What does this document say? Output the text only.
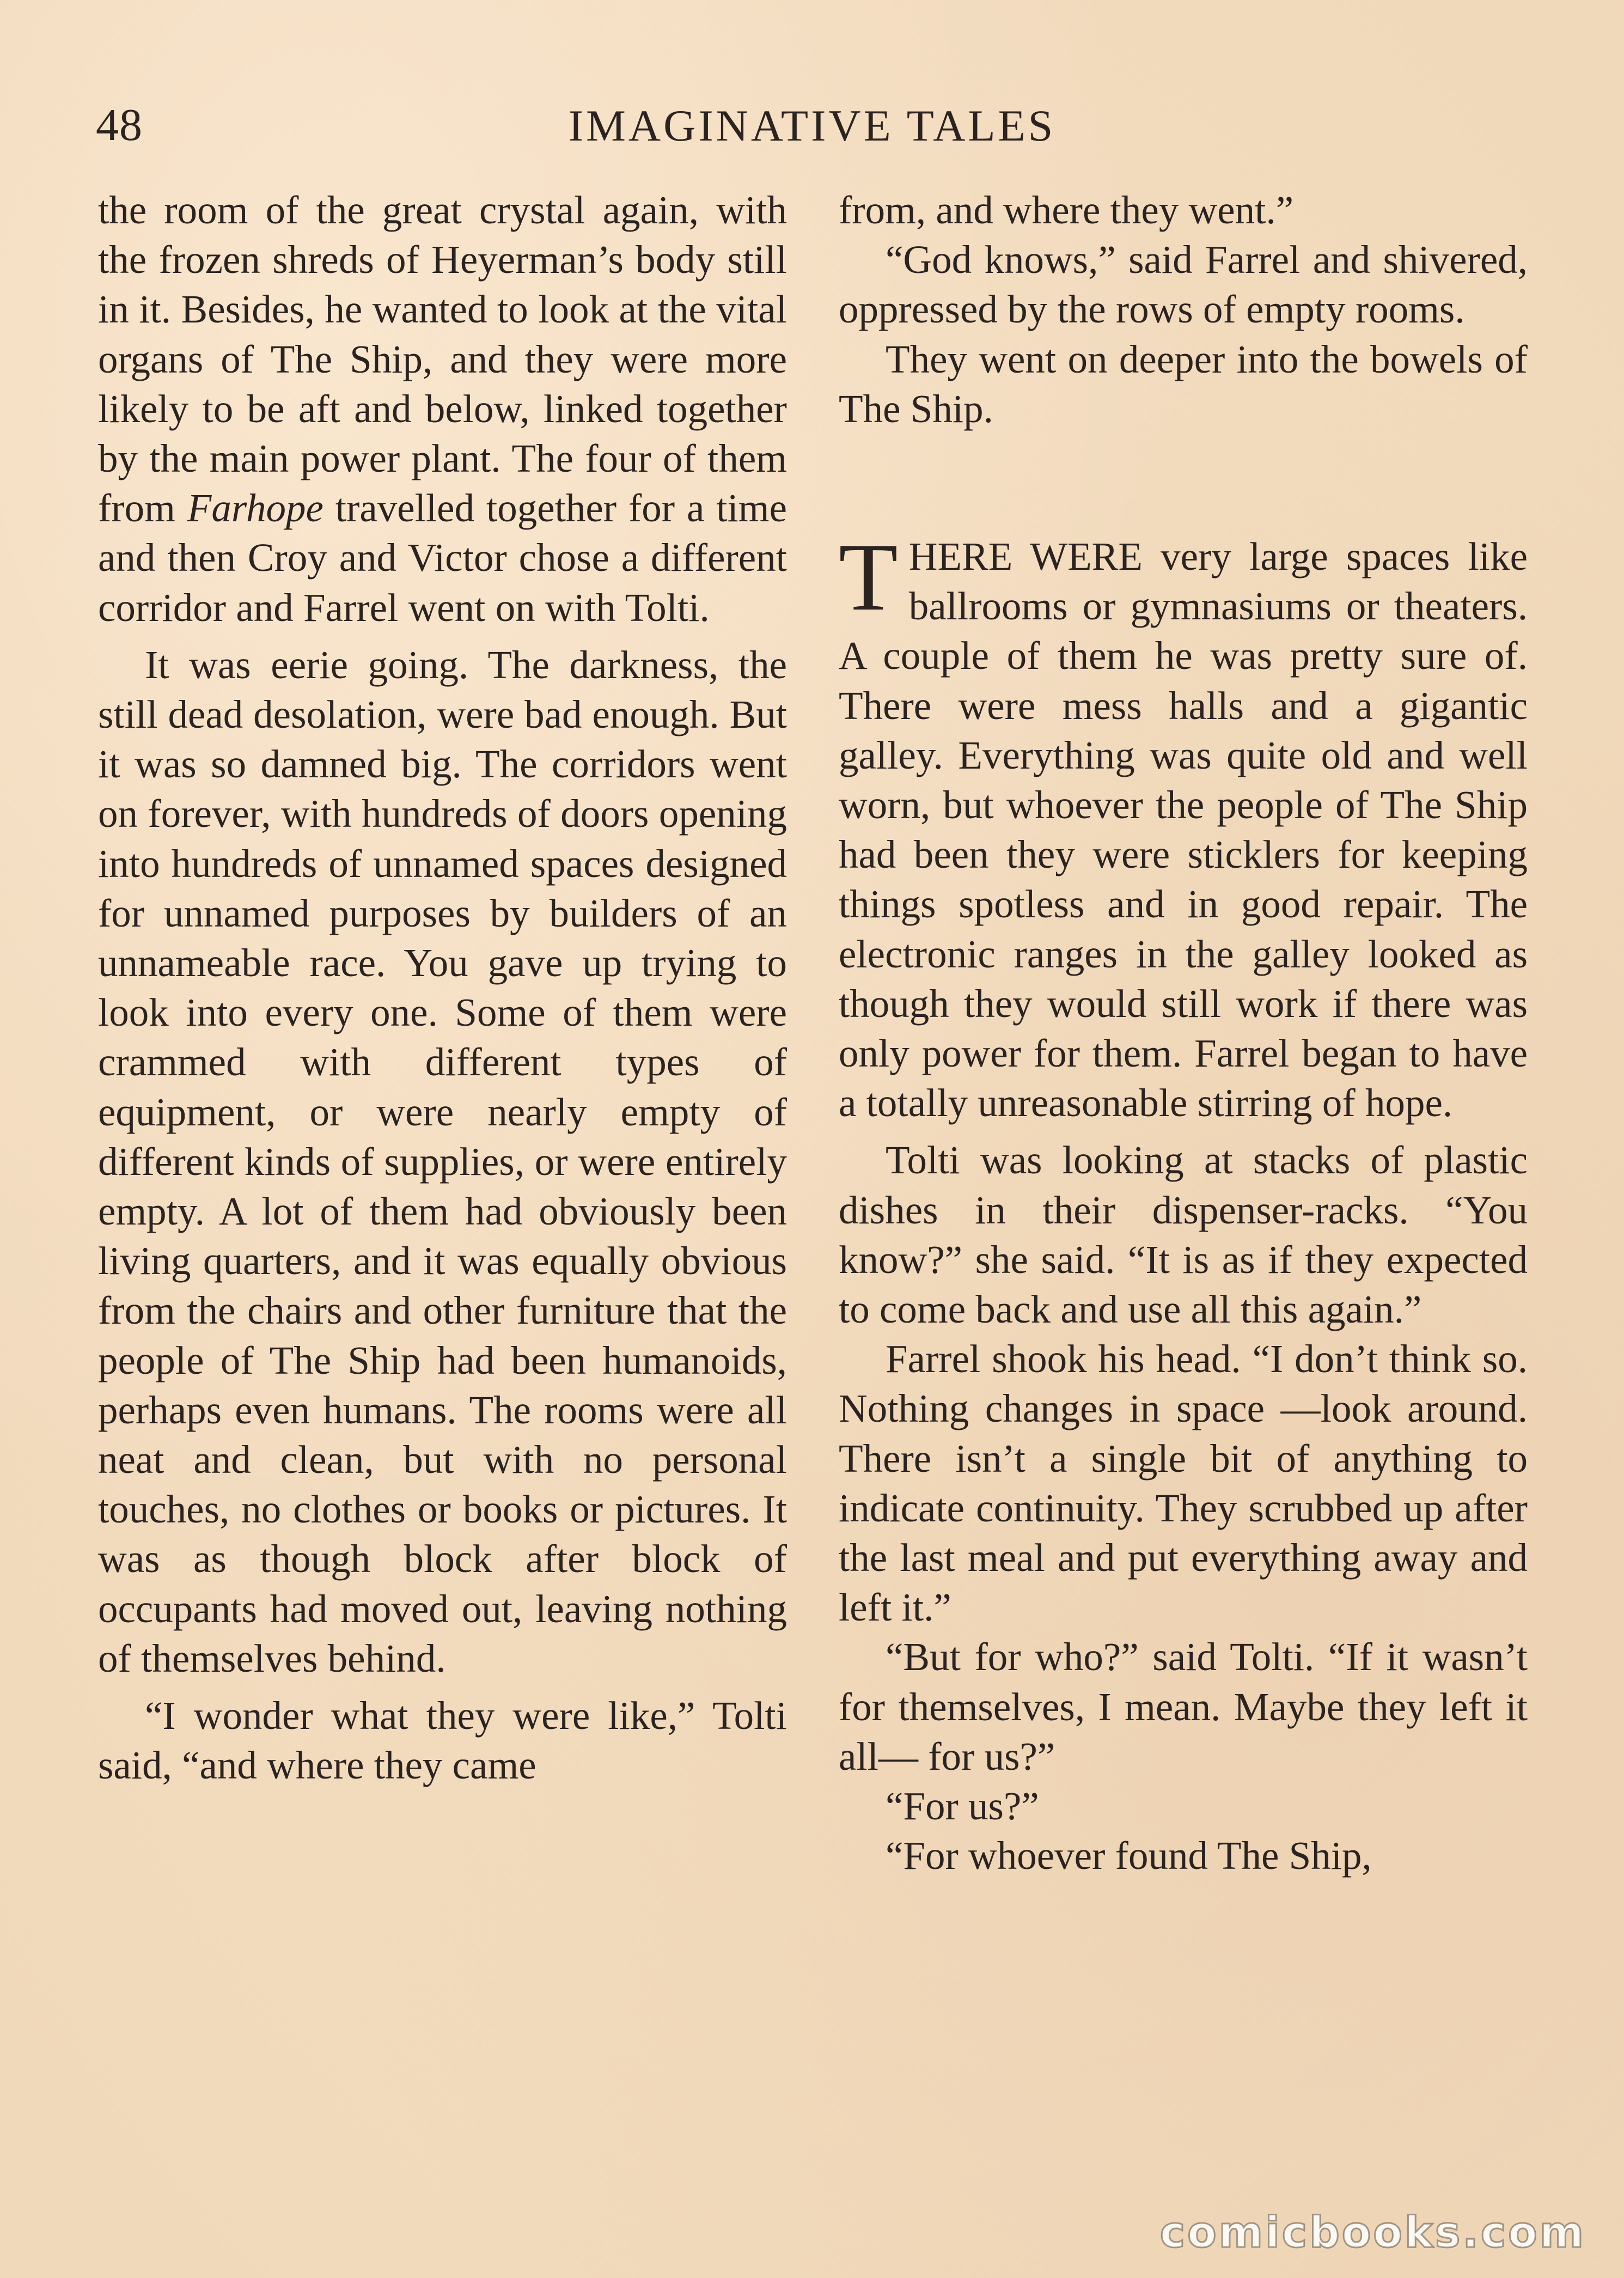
48	IMAGINATIVE TALES

the room of the great crystal again, with the frozen shreds of Heyerman’s body still in it. Besides, he wanted to look at the vital organs of The Ship, and they were more likely to be aft and below, linked together by the main power plant. The four of them from Farhope travelled together for a time and then Croy and Victor chose a different corridor and Farrel went on with Tolti.

It was eerie going. The darkness, the still dead desolation, were bad enough. But it was so damned big. The corridors went on forever, with hundreds of doors opening into hundreds of unnamed spaces designed for unnamed purposes by builders of an unnameable race. You gave up trying to look into every one. Some of them were crammed with different types of equipment, or were nearly empty of different kinds of supplies, or were entirely empty. A lot of them had obviously been living quarters, and it was equally obvious from the chairs and other furniture that the people of The Ship had been humanoids, perhaps even humans. The rooms were all neat and clean, but with no personal touches, no clothes or books or pictures. It was as though block after block of occupants had moved out, leaving nothing of themselves behind.

“I wonder what they were like,” Tolti said, “and where they came

from, and where they went.”

“God knows,” said Farrel and shivered, oppressed by the rows of empty rooms.

They went on deeper into the bowels of The Ship.

THERE WERE very large spaces like ballrooms or gymnasiums or theaters. A couple of them he was pretty sure of. There were mess halls and a gigantic galley. Everything was quite old and well worn, but whoever the people of The Ship had been they were sticklers for keeping things spotless and in good repair. The electronic ranges in the galley looked as though they would still work if there was only power for them. Farrel began to have a totally unreasonable stirring of hope.

Tolti was looking at stacks of plastic dishes in their dispenser-racks. “You know?” she said. “It is as if they expected to come back and use all this again.”

Farrel shook his head. “I don’t think so. Nothing changes in space —look around. There isn’t a single bit of anything to indicate continuity. They scrubbed up after the last meal and put everything away and left it.”

“But for who?” said Tolti. “If it wasn’t for themselves, I mean. Maybe they left it all— for us?”

“For us?”

“For whoever found The Ship,

comicbooks.com
